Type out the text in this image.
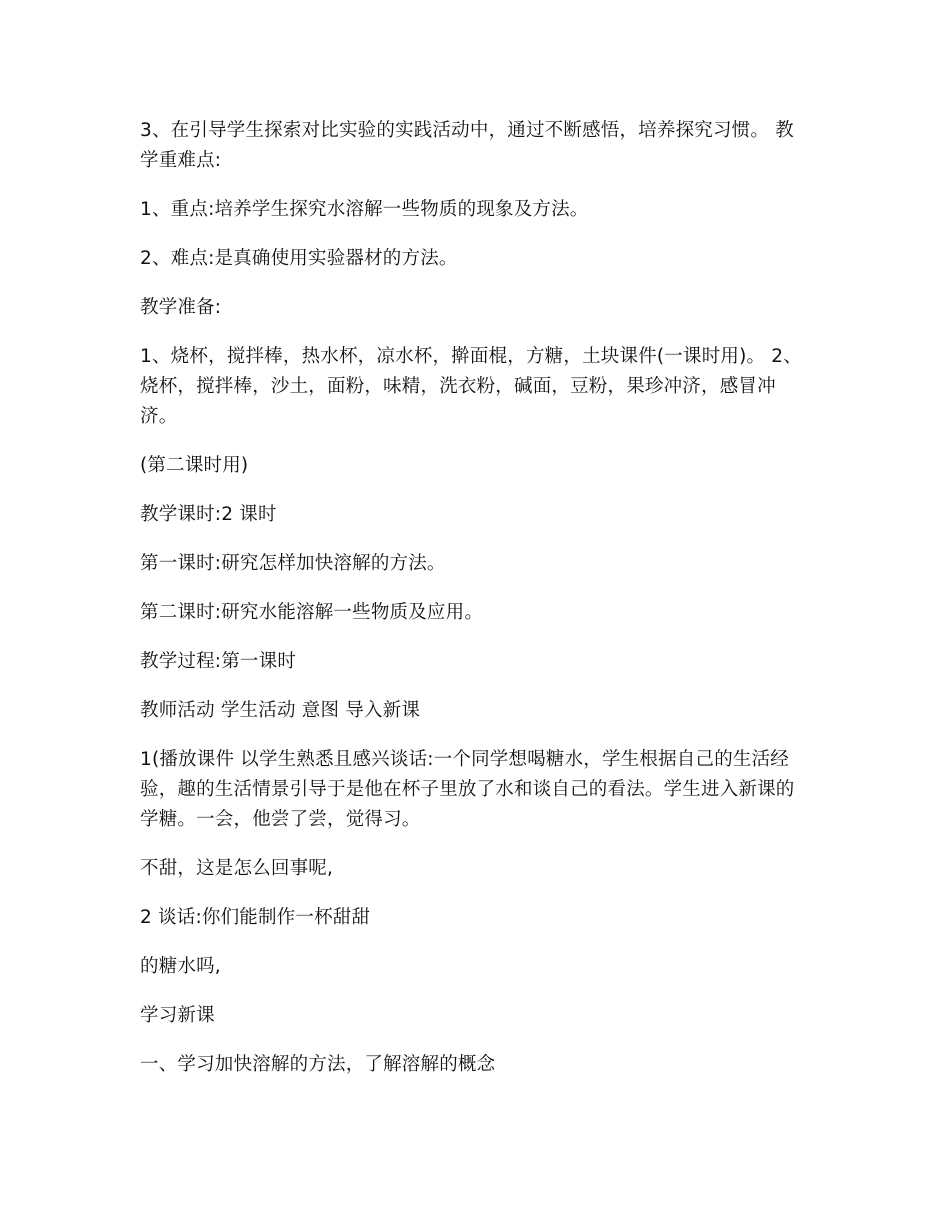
3、在引导学生探索对比实验的实践活动中，通过不断感悟，培养探究习惯。 教学重难点:

1、重点:培养学生探究水溶解一些物质的现象及方法。

2、难点:是真确使用实验器材的方法。

教学准备:

1、烧杯，搅拌棒，热水杯，凉水杯，擀面棍，方糖，土块课件(一课时用)。 2、烧杯，搅拌棒，沙土，面粉，味精，洗衣粉，碱面，豆粉，果珍冲济，感冒冲济。

(第二课时用)

教学课时:2 课时

第一课时:研究怎样加快溶解的方法。

第二课时:研究水能溶解一些物质及应用。

教学过程:第一课时

教师活动 学生活动 意图 导入新课

1(播放课件 以学生熟悉且感兴谈话:一个同学想喝糖水，学生根据自己的生活经验，趣的生活情景引导于是他在杯子里放了水和谈自己的看法。学生进入新课的学糖。一会，他尝了尝，觉得习。

不甜，这是怎么回事呢,

2 谈话:你们能制作一杯甜甜

的糖水吗,

学习新课

一、学习加快溶解的方法，了解溶解的概念
